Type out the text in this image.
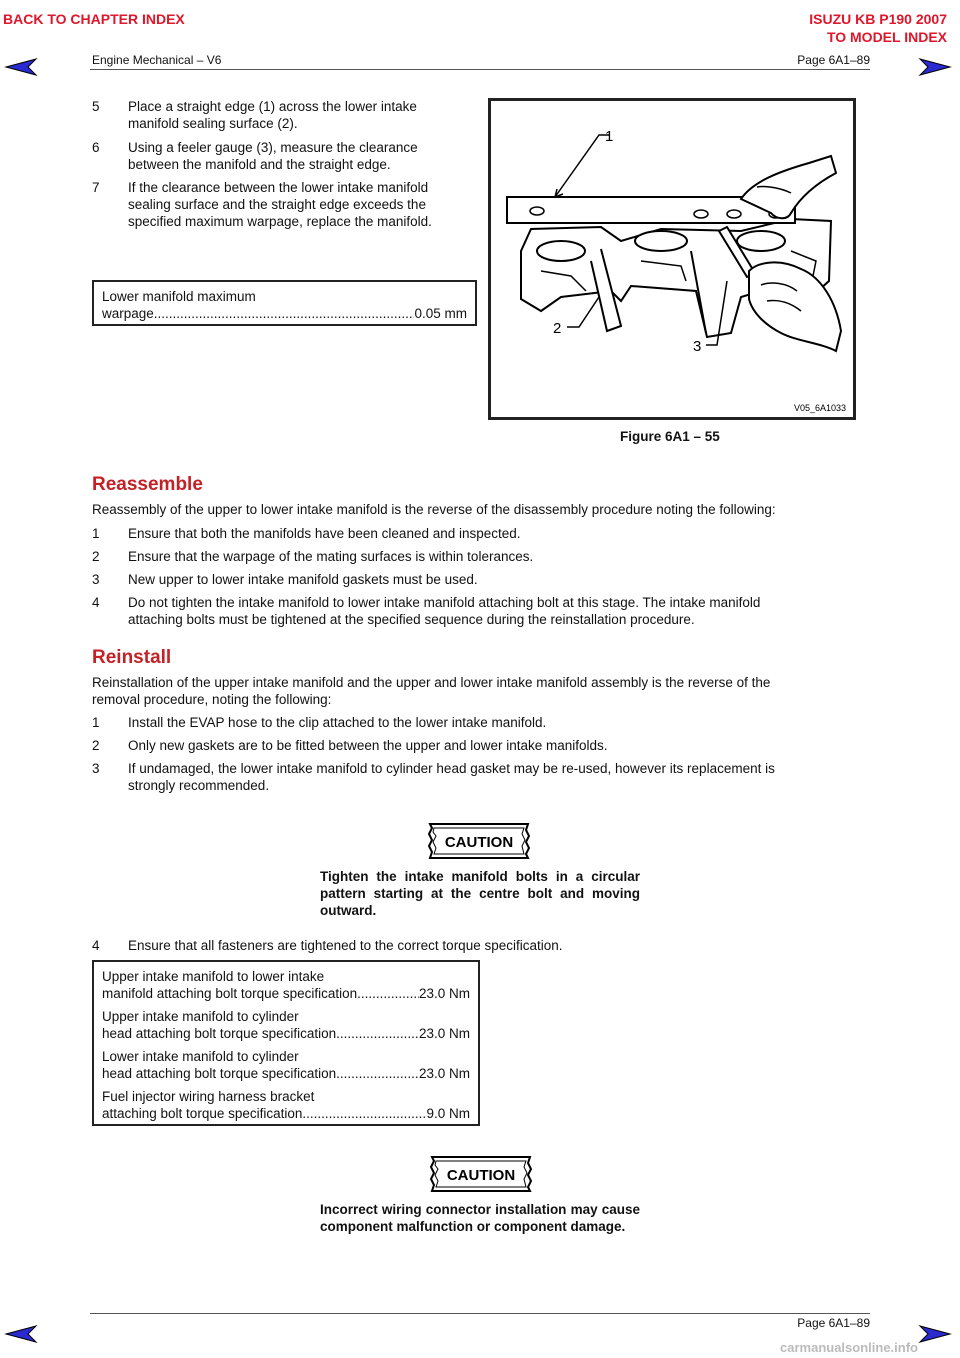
BACK TO CHAPTER INDEX	ISUZU KB P190 2007
TO MODEL INDEX
Engine Mechanical – V6	Page 6A1–89
5 Place a straight edge (1) across the lower intake
manifold sealing surface (2).
6 Using a feeler gauge (3), measure the clearance
between the manifold and the straight edge.
7 If the clearance between the lower intake manifold
sealing surface and the straight edge exceeds the
specified maximum warpage, replace the manifold.
Lower manifold maximum
warpage .....	0.05 mm
1
2
3
V05_6A1033
Figure 6A1 – 55
Reassemble
Reassembly of the upper to lower intake manifold is the reverse of the disassembly procedure noting the following:
1 Ensure that both the manifolds have been cleaned and inspected.
2 Ensure that the warpage of the mating surfaces is within tolerances.
3 New upper to lower intake manifold gaskets must be used.
4 Do not tighten the intake manifold to lower intake manifold attaching bolt at this stage. The intake manifold
attaching bolts must be tightened at the specified sequence during the reinstallation procedure.
Reinstall
Reinstallation of the upper intake manifold and the upper and lower intake manifold assembly is the reverse of the
removal procedure, noting the following:
1 Install the EVAP hose to the clip attached to the lower intake manifold.
2 Only new gaskets are to be fitted between the upper and lower intake manifolds.
3 If undamaged, the lower intake manifold to cylinder head gasket may be re-used, however its replacement is
strongly recommended.
CAUTION
Tighten the intake manifold bolts in a circular pattern starting at the centre bolt and moving outward.
4 Ensure that all fasteners are tightened to the correct torque specification.
Upper intake manifold to lower intake
manifold attaching bolt torque specification .....	23.0 Nm
Upper intake manifold to cylinder
head attaching bolt torque specification .....	23.0 Nm
Lower intake manifold to cylinder
head attaching bolt torque specification .....	23.0 Nm
Fuel injector wiring harness bracket
attaching bolt torque specification .....	9.0 Nm
CAUTION
Incorrect wiring connector installation may cause component malfunction or component damage.
Page 6A1–89
carmanualsonline.info
